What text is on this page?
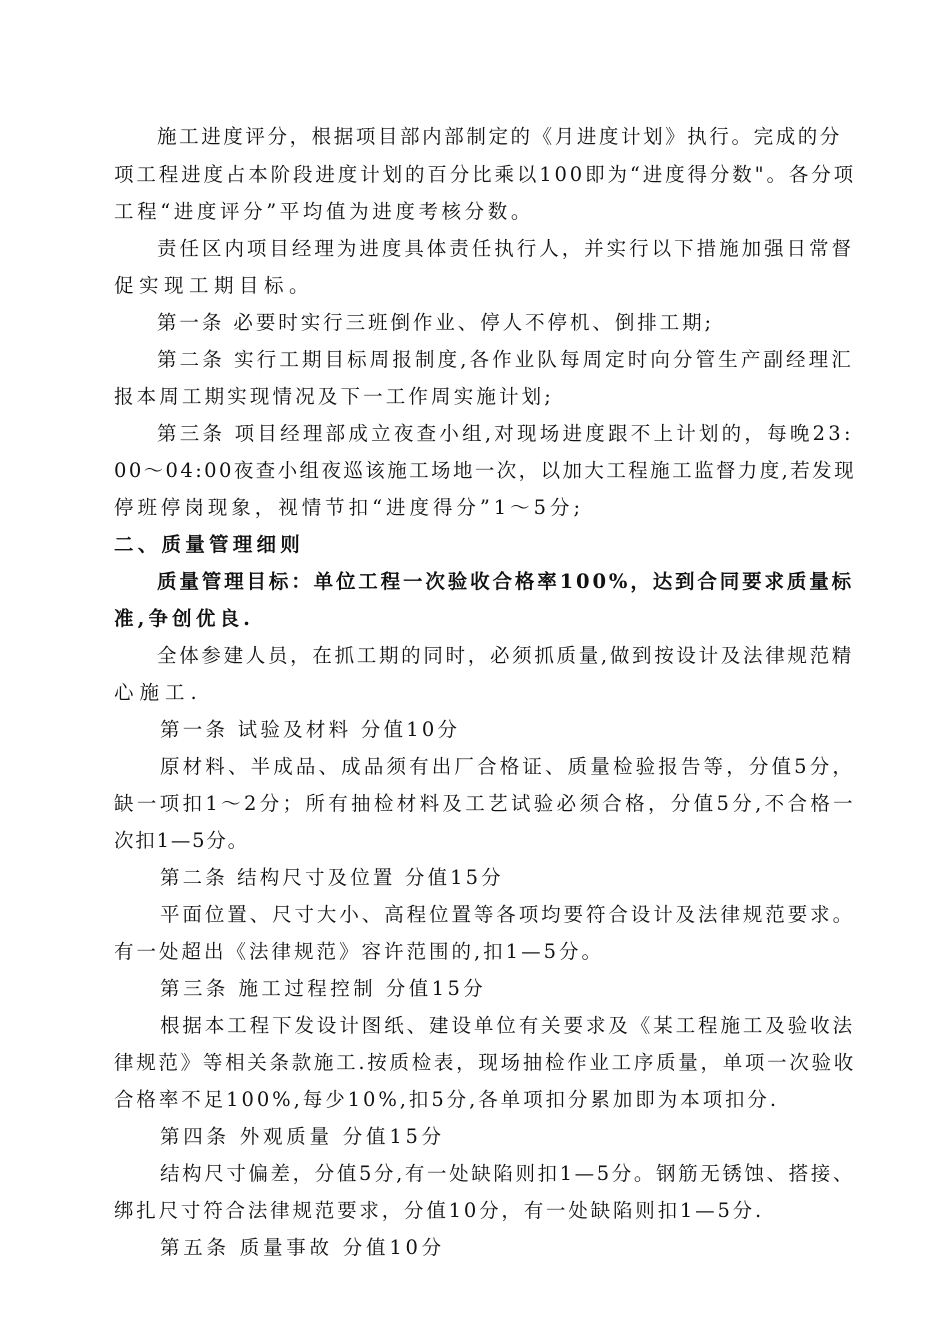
施工进度评分，根据项目部内部制定的《月进度计划》执行。完成的分
项工程进度占本阶段进度计划的百分比乘以100即为“进度得分数"。各分项
工程“进度评分”平均值为进度考核分数。
责任区内项目经理为进度具体责任执行人，并实行以下措施加强日常督
促实现工期目标。
第一条 必要时实行三班倒作业、停人不停机、倒排工期;
第二条 实行工期目标周报制度,各作业队每周定时向分管生产副经理汇
报本周工期实现情况及下一工作周实施计划;
第三条 项目经理部成立夜查小组,对现场进度跟不上计划的，每晚23:
00～04:00夜查小组夜巡该施工场地一次，以加大工程施工监督力度,若发现
停班停岗现象，视情节扣“进度得分”1～5分;
二、质量管理细则
质量管理目标：单位工程一次验收合格率100%，达到合同要求质量标
准,争创优良.
全体参建人员，在抓工期的同时，必须抓质量,做到按设计及法律规范精
心施工.
第一条 试验及材料 分值10分
原材料、半成品、成品须有出厂合格证、质量检验报告等，分值5分，
缺一项扣1～2分；所有抽检材料及工艺试验必须合格，分值5分,不合格一
次扣1—5分。
第二条 结构尺寸及位置 分值15分
平面位置、尺寸大小、高程位置等各项均要符合设计及法律规范要求。
有一处超出《法律规范》容许范围的,扣1—5分。
第三条 施工过程控制 分值15分
根据本工程下发设计图纸、建设单位有关要求及《某工程施工及验收法
律规范》等相关条款施工.按质检表，现场抽检作业工序质量，单项一次验收
合格率不足100%,每少10%,扣5分,各单项扣分累加即为本项扣分.
第四条 外观质量 分值15分
结构尺寸偏差，分值5分,有一处缺陷则扣1—5分。钢筋无锈蚀、搭接、
绑扎尺寸符合法律规范要求，分值10分，有一处缺陷则扣1—5分.
第五条 质量事故 分值10分
